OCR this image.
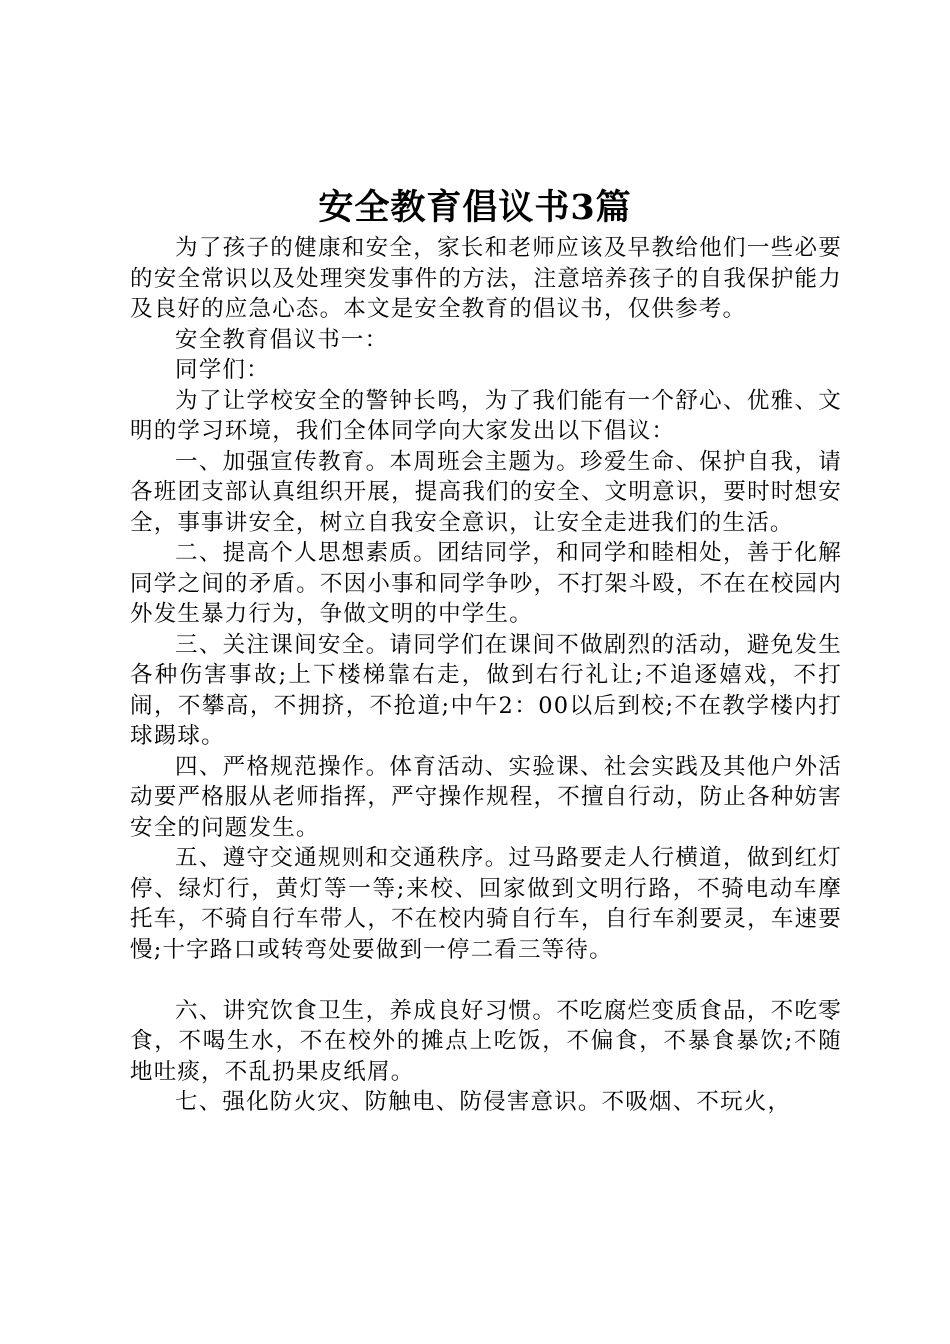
安全教育倡议书3篇

为了孩子的健康和安全，家长和老师应该及早教给他们一些必要的安全常识以及处理突发事件的方法，注意培养孩子的自我保护能力及良好的应急心态。本文是安全教育的倡议书，仅供参考。

安全教育倡议书一：

同学们：

为了让学校安全的警钟长鸣，为了我们能有一个舒心、优雅、文明的学习环境，我们全体同学向大家发出以下倡议：

一、加强宣传教育。本周班会主题为。珍爱生命、保护自我，请各班团支部认真组织开展，提高我们的安全、文明意识，要时时想安全，事事讲安全，树立自我安全意识，让安全走进我们的生活。

二、提高个人思想素质。团结同学，和同学和睦相处，善于化解同学之间的矛盾。不因小事和同学争吵，不打架斗殴，不在在校园内外发生暴力行为，争做文明的中学生。

三、关注课间安全。请同学们在课间不做剧烈的活动，避免发生各种伤害事故;上下楼梯靠右走，做到右行礼让;不追逐嬉戏，不打闹，不攀高，不拥挤，不抢道;中午2：00以后到校;不在教学楼内打球踢球。

四、严格规范操作。体育活动、实验课、社会实践及其他户外活动要严格服从老师指挥，严守操作规程，不擅自行动，防止各种妨害安全的问题发生。

五、遵守交通规则和交通秩序。过马路要走人行横道，做到红灯停、绿灯行，黄灯等一等;来校、回家做到文明行路，不骑电动车摩托车，不骑自行车带人，不在校内骑自行车，自行车刹要灵，车速要慢;十字路口或转弯处要做到一停二看三等待。

六、讲究饮食卫生，养成良好习惯。不吃腐烂变质食品，不吃零食，不喝生水，不在校外的摊点上吃饭，不偏食，不暴食暴饮;不随地吐痰，不乱扔果皮纸屑。

七、强化防火灾、防触电、防侵害意识。不吸烟、不玩火，
